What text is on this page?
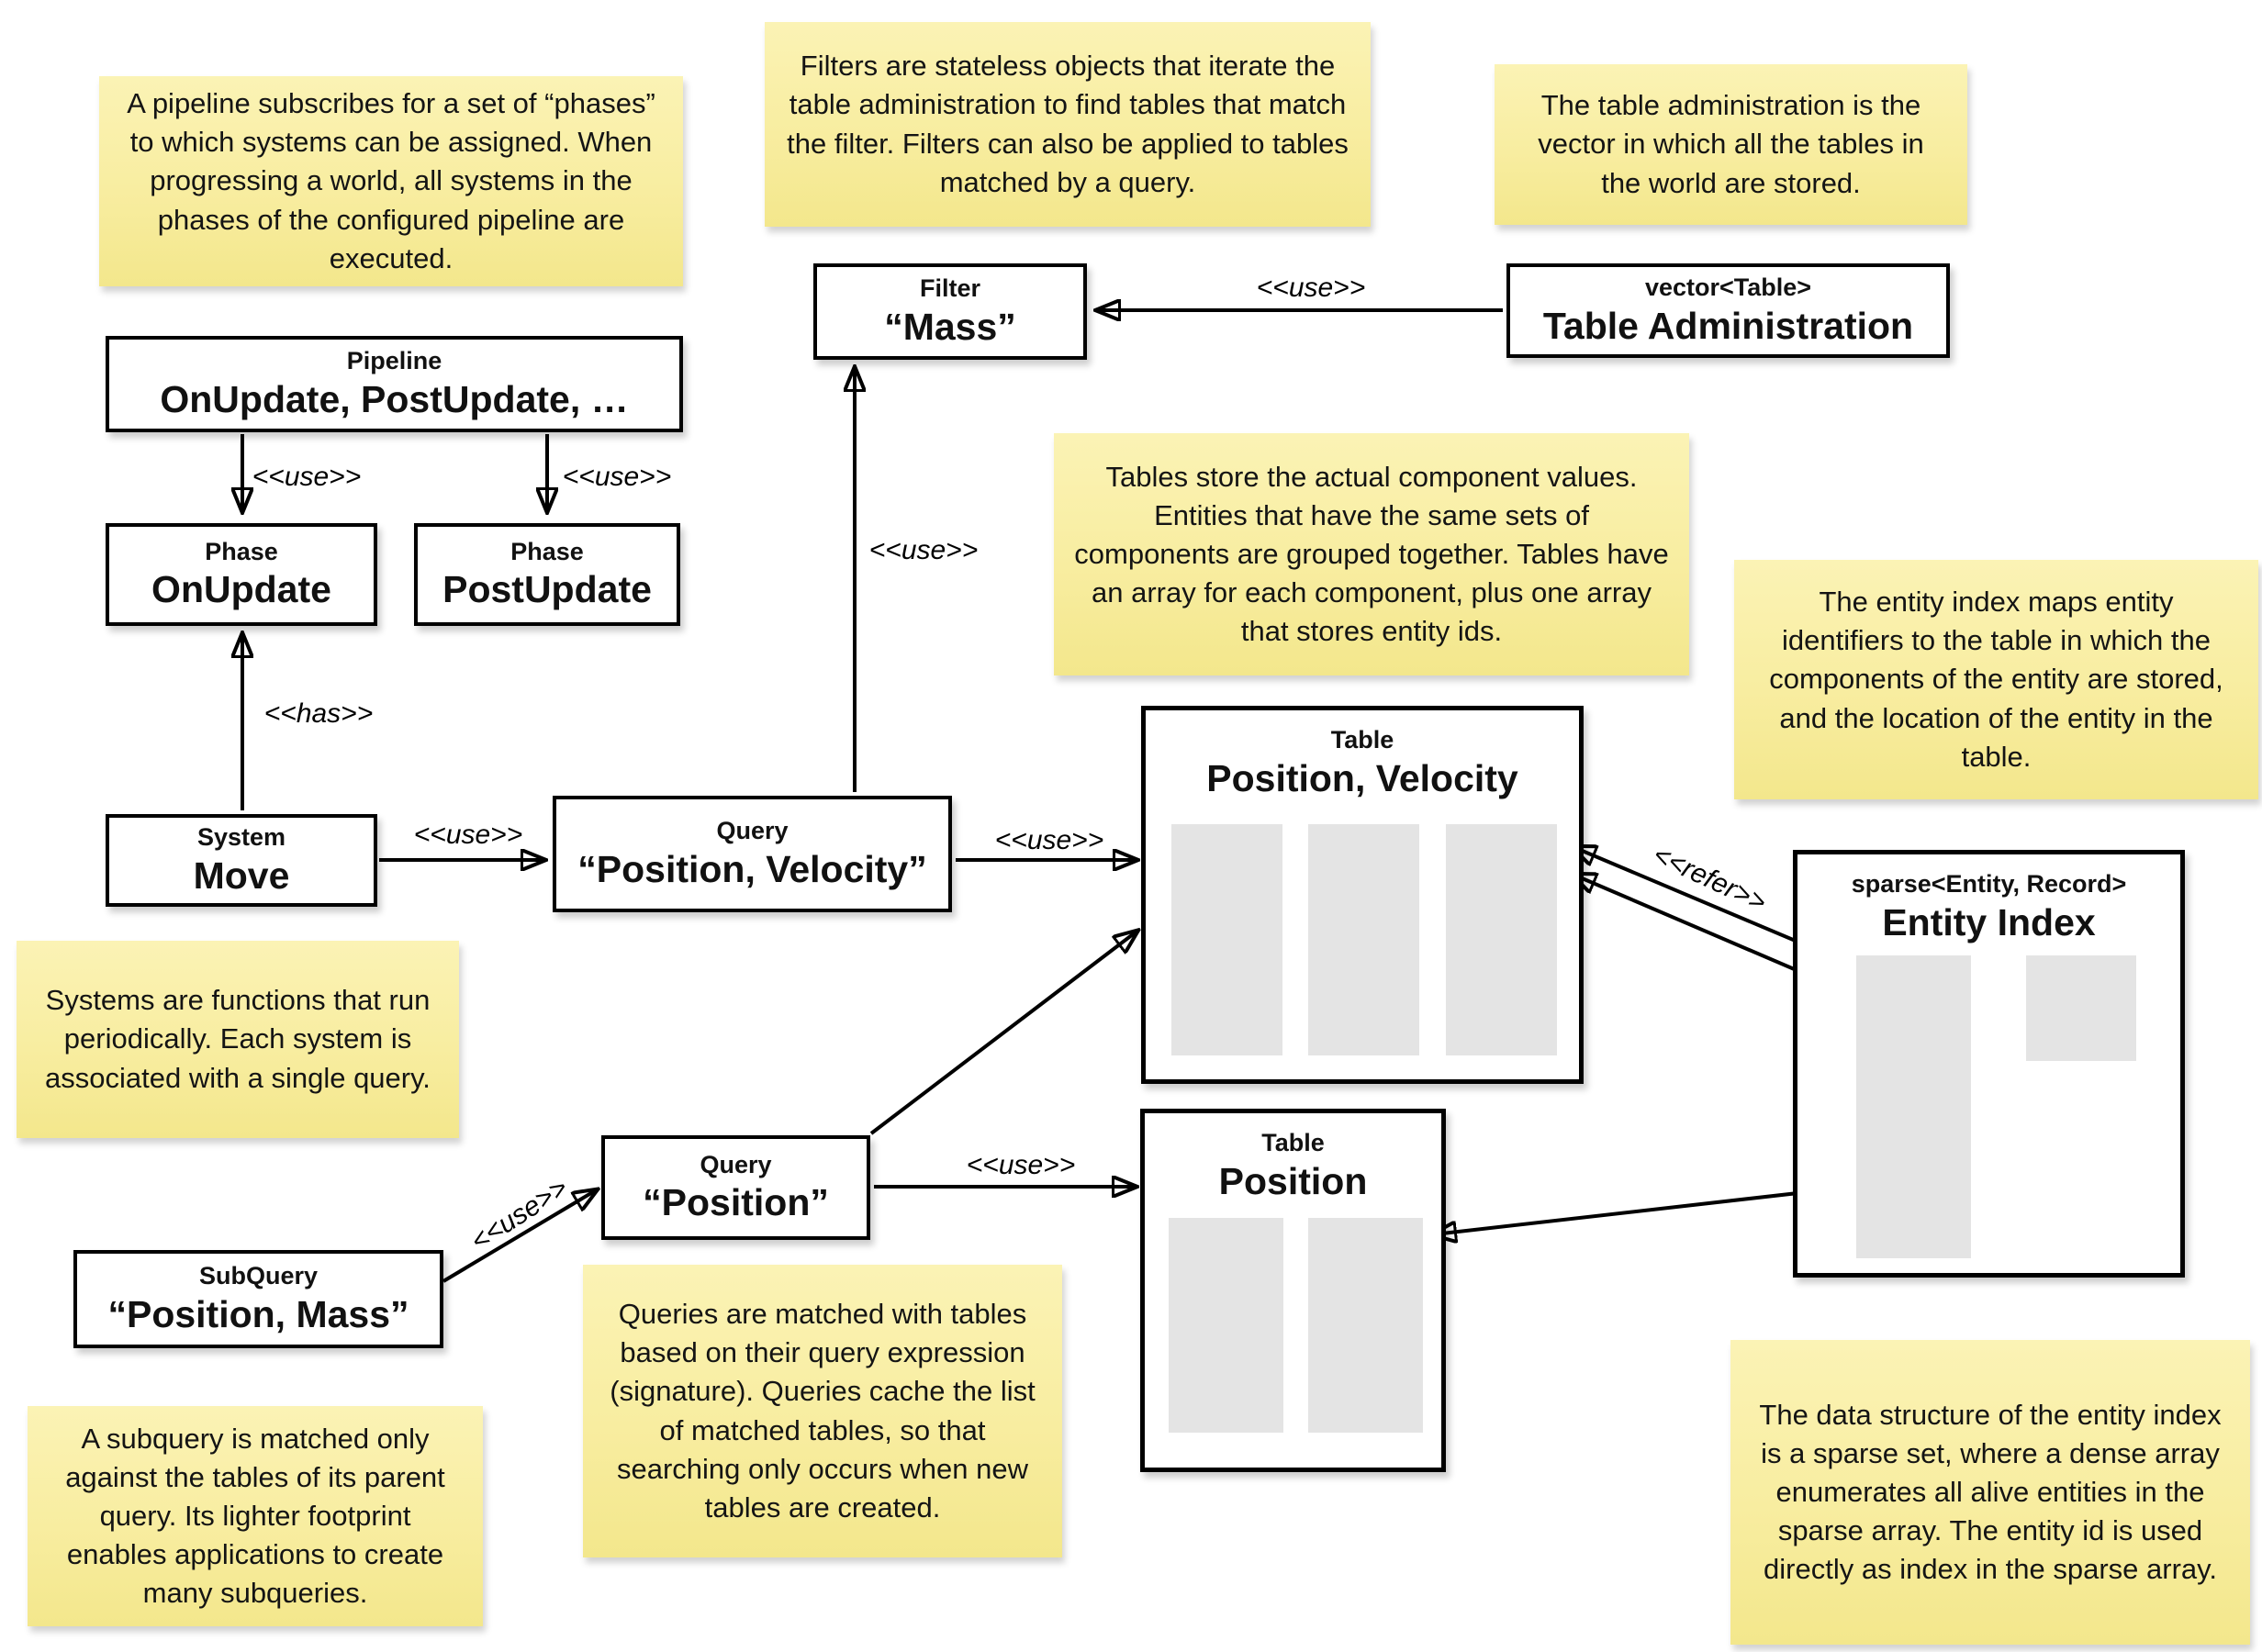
A pipeline subscribes for a set of “phases” to which systems can be assigned. When progressing a world, all systems in the phases of the configured pipeline are executed.
Filters are stateless objects that iterate the table administration to find tables that match the filter. Filters can also be applied to tables matched by a query.
The table administration is the vector in which all the tables in the world are stored.
Tables store the actual component values. Entities that have the same sets of components are grouped together. Tables have an array for each component, plus one array that stores entity ids.
The entity index maps entity identifiers to the table in which the components of the entity are stored, and the location of the entity in the table.
Systems are functions that run periodically. Each system is associated with a single query.
Queries are matched with tables based on their query expression (signature). Queries cache the list of matched tables, so that searching only occurs when new tables are created.
A subquery is matched only against the tables of its parent query. Its lighter footprint enables applications to create many subqueries.
The data structure of the entity index is a sparse set, where a dense array enumerates all alive entities in the sparse array. The entity id is used directly as index in the sparse array.
Pipeline
OnUpdate, PostUpdate, …
Phase
OnUpdate
Phase
PostUpdate
System
Move
Query
“Position, Velocity”
Filter
“Mass”
vector<Table>
Table Administration
Table
Position, Velocity
Table
Position
sparse<Entity, Record>
Entity Index
Query
“Position”
SubQuery
“Position, Mass”
<<use>>	<<use>>
<<has>>
<<use>>
<<use>>
<<use>>
<<use>>
<<refer>>
<<use>>
<<use>>
